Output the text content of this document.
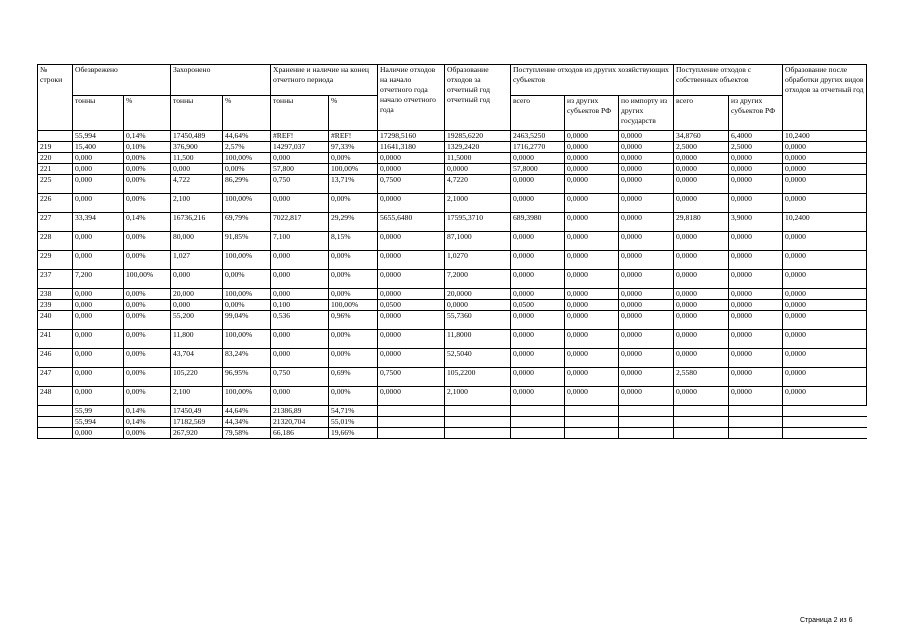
№ строки	Обезврежено		Захоронено		Хранение и наличие на конец отчетного периода		Наличие отходов на начало отчетного года	Образование отходов за отчетный год	Поступление отходов из других хозяйствующих субъектов			Поступление отходов с собственных объектов		Образование после обработки других видов отходов за отчетный год
	тонны	%	тонны	%	тонны	%	начало отчетного года	отчетный год	всего	из других субъектов РФ	по импорту из других государств	всего	из других субъектов РФ	
	55,994	0,14%	17450,489	44,64%	#REF!	#REF!	17298,5160	19285,6220	2463,5250	0,0000	0,0000	34,8760	6,4000	10,2400
219	15,400	0,10%	376,900	2,57%	14297,037	97,33%	11641,3180	1329,2420	1716,2770	0,0000	0,0000	2,5000	2,5000	0,0000
220	0,000	0,00%	11,500	100,00%	0,000	0,00%	0,0000	11,5000	0,0000	0,0000	0,0000	0,0000	0,0000	0,0000
221	0,000	0,00%	0,000	0,00%	57,800	100,00%	0,0000	0,0000	57,8000	0,0000	0,0000	0,0000	0,0000	0,0000
225	0,000	0,00%	4,722	86,29%	0,750	13,71%	0,7500	4,7220	0,0000	0,0000	0,0000	0,0000	0,0000	0,0000
226	0,000	0,00%	2,100	100,00%	0,000	0,00%	0,0000	2,1000	0,0000	0,0000	0,0000	0,0000	0,0000	0,0000
227	33,394	0,14%	16736,216	69,79%	7022,817	29,29%	5655,6480	17595,3710	689,3980	0,0000	0,0000	29,8180	3,9000	10,2400
228	0,000	0,00%	80,000	91,85%	7,100	8,15%	0,0000	87,1000	0,0000	0,0000	0,0000	0,0000	0,0000	0,0000
229	0,000	0,00%	1,027	100,00%	0,000	0,00%	0,0000	1,0270	0,0000	0,0000	0,0000	0,0000	0,0000	0,0000
237	7,200	100,00%	0,000	0,00%	0,000	0,00%	0,0000	7,2000	0,0000	0,0000	0,0000	0,0000	0,0000	0,0000
238	0,000	0,00%	20,000	100,00%	0,000	0,00%	0,0000	20,0000	0,0000	0,0000	0,0000	0,0000	0,0000	0,0000
239	0,000	0,00%	0,000	0,00%	0,100	100,00%	0,0500	0,0000	0,0500	0,0000	0,0000	0,0000	0,0000	0,0000
240	0,000	0,00%	55,200	99,04%	0,536	0,96%	0,0000	55,7360	0,0000	0,0000	0,0000	0,0000	0,0000	0,0000
241	0,000	0,00%	11,800	100,00%	0,000	0,00%	0,0000	11,8000	0,0000	0,0000	0,0000	0,0000	0,0000	0,0000
246	0,000	0,00%	43,704	83,24%	0,000	0,00%	0,0000	52,5040	0,0000	0,0000	0,0000	0,0000	0,0000	0,0000
247	0,000	0,00%	105,220	96,95%	0,750	0,69%	0,7500	105,2200	0,0000	0,0000	0,0000	2,5580	0,0000	0,0000
248	0,000	0,00%	2,100	100,00%	0,000	0,00%	0,0000	2,1000	0,0000	0,0000	0,0000	0,0000	0,0000	0,0000
	55,99	0,14%	17450,49	44,64%	21386,89	54,71%								
	55,994	0,14%	17182,569	44,34%	21320,704	55,01%								
	0,000	0,00%	267,920	79,58%	66,186	19,66%								
Страница 2 из 6
